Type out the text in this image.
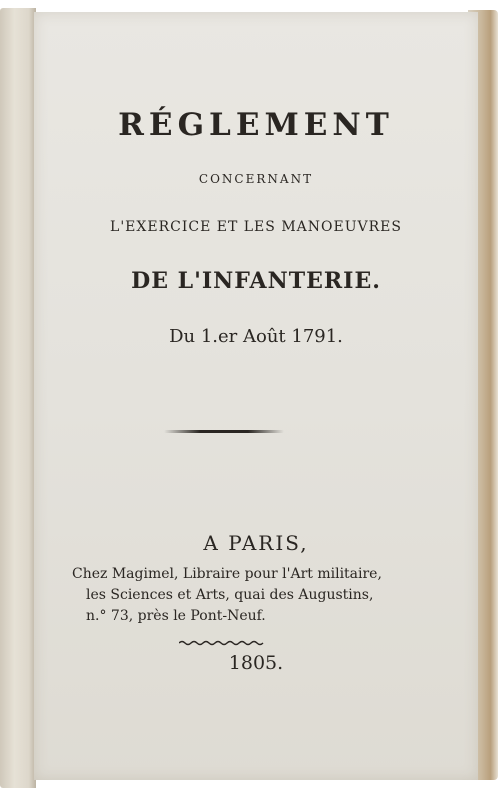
RÉGLEMENT
CONCERNANT
L'EXERCICE ET LES MANOEUVRES
DE L'INFANTERIE.
Du 1.er Août 1791.
A PARIS,
Chez Magimel, Libraire pour l'Art militaire,
les Sciences et Arts, quai des Augustins,
n.° 73, près le Pont-Neuf.
1805.
